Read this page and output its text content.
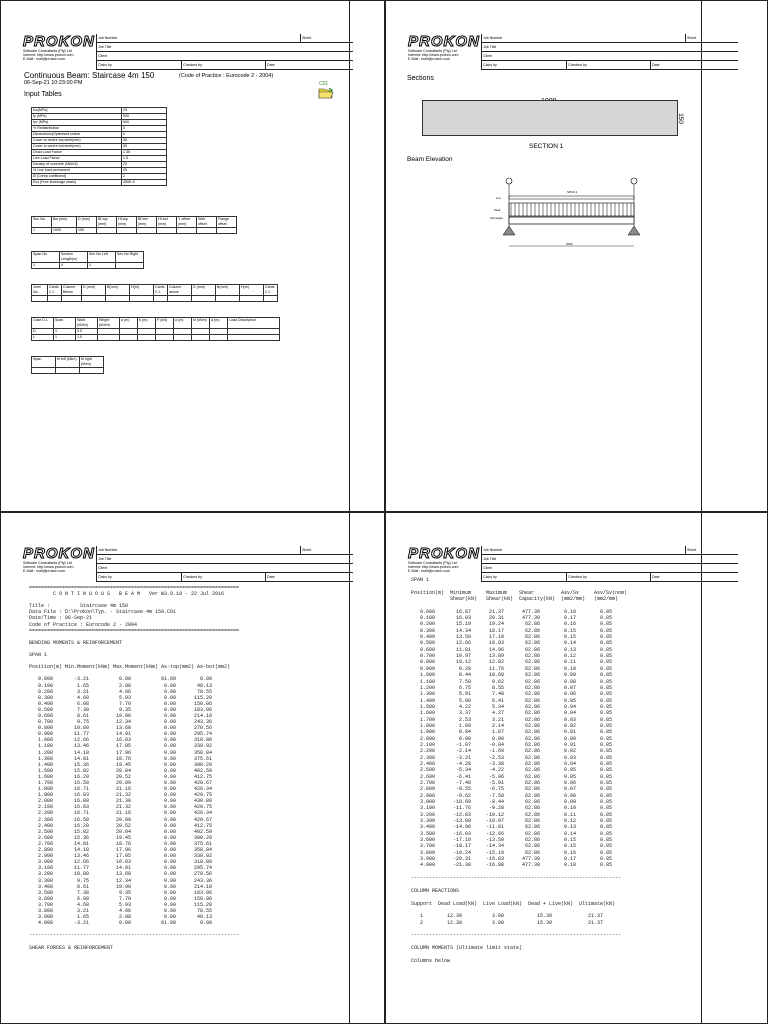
PROKON
Software Consultants (Pty) Ltd
Internet: http://www.prokon.com
E-Mail : mail@prokon.com
Job Number	Sheet
Job Title
Client
Calcs by	Checked by	Date
Continuous Beam: Staircase 4m 150	(Code of Practice : Eurocode 2 - 2004)
06-Sep-21 10:23:00 PM
Input Tables
C01
fcu(MPa)	25
fy (MPa)	500
fyv (MPa)	500
% Redistribution	0
Dimensions(Optimised redistr.	0
Cover to centre top steel(mm)	35
Cover to centre bot steel(mm)	35
Dead Load Factor	1.35
Live Load Factor	1.5
Density of concrete (kN/m3)	25
% Live load permanent	25
Ø (Creep coefficient)	2
Ecs (Free shrinkage strain)	350E-6
Sec No.	Bw (mm)	D (mm)	Bf-top (mm)	Hf-top (mm)	Bf-bot (mm)	Hf-bot (mm)	Y offset (mm)	Web offset	Flange offset
1	1000	150							
Span No	Section Length(m)	Sec No Left	Sec No Right
1	4	1	
Joint No.	Cante. C.f.	Column Below	D (mm)	B(mm)	H(m)	Cante. C.f.	Column above	D (mm)	B(mm)	H(m)	Cante. C.f.

Case D.L	Span	Wa/b (kN/m)	Wright (kN/m)	a (m)	b (m)	P (kN)	a (m)	M (kNm)	a (m)	Load Description
D	1	3.5								
L	1	1.5								
Span	M left (kNm)	M right (kNm)

PROKON
Software Consultants (Pty) Ltd
Internet: http://www.prokon.com
E-Mail : mail@prokon.com
Job Number	Sheet
Job Title
Client
Calcs by	Checked by	Date
Sections
150
SECTION 1
Beam Elevation
SPAN 1
4000
Live
Dead
Self-weight
PROKON
Software Consultants (Pty) Ltd
Internet: http://www.prokon.com
E-Mail : mail@prokon.com
Job Number	Sheet
Job Title
Client
Calcs by	Checked by	Date
======================================================================
C O N T I N U O U S   B E A M   Ver W3.0.10 - 22 Jul 2016

Title :          Staircase 4m 150
Data File : D:\Prokon\Typ. - Staircase 4m 150.C01
Date/Time : 06-Sep-21
Code of Practice : Eurocode 2 - 2004
======================================================================

BENDING MOMENTS & REINFORCEMENT

SPAN 1

Position(m) Min.Moment(kNm) Max.Moment(kNm) As-top(mm2) As-bot(mm2)

0.000       -3.21          0.00          61.89        0.00
0.100        1.65          2.08           0.00       40.13
0.200        3.21          4.06           0.00       78.55
0.300        4.68          5.93           0.00      115.20
0.400        6.08          7.70           0.00      150.06
0.500        7.38          9.35           0.00      183.06
0.600        8.61         10.90           0.00      214.18
0.700        9.75         12.34           0.00      243.36
0.800       10.80         13.68           0.00      270.56
0.900       11.77         14.91           0.00      295.74
1.000       12.66         16.03           0.00      318.88
1.100       13.46         17.05           0.00      339.92
1.200       14.18         17.96           0.00      358.84
1.300       14.81         18.76           0.00      375.61
1.400       15.36         19.45           0.00      390.20
1.500       15.82         20.04           0.00      402.59
1.600       16.20         20.52           0.00      412.75
1.700       16.50         20.89           0.00      420.67
1.800       16.71         21.16           0.00      426.34
1.900       16.83         21.32           0.00      429.75
2.000       16.88         21.38           0.00      430.89
2.100       16.83         21.32           0.00      429.75
2.200       16.71         21.16           0.00      426.34
2.300       16.50         20.89           0.00      420.67
2.400       16.20         20.52           0.00      412.75
2.500       15.82         20.04           0.00      402.59
2.600       15.36         19.45           0.00      390.20
2.700       14.81         18.76           0.00      375.61
2.800       14.18         17.96           0.00      358.84
2.900       13.46         17.05           0.00      339.92
3.000       12.66         16.03           0.00      318.88
3.100       11.77         14.91           0.00      295.74
3.200       10.80         13.68           0.00      270.56
3.300        9.75         12.34           0.00      243.36
3.400        8.61         10.90           0.00      214.18
3.500        7.38          9.35           0.00      183.06
3.600        6.08          7.70           0.00      150.06
3.700        4.68          5.93           0.00      115.20
3.800        3.21          4.06           0.00       78.55
3.900        1.65          2.08           0.00       40.13
4.000       -3.21          0.00          61.89        0.00

----------------------------------------------------------------------

SHEAR FORCES & REINFORCEMENT
PROKON
Software Consultants (Pty) Ltd
Internet: http://www.prokon.com
E-Mail : mail@prokon.com
Job Number	Sheet
Job Title
Client
Calcs by	Checked by	Date
SPAN 1

Position(m)  Minimum     Maximum    Shear         Asv/Sv     Asv/Sv(nom)
Shear(kN)   Shear(kN)  Capacity(kN)  (mm2/mm)   (mm2/mm)

0.000       16.87      21.37      477.39        0.18        0.85
0.100       16.03      20.31      477.39        0.17        0.85
0.200       15.19      19.24       62.86        0.16        0.85
0.300       14.34      18.17       62.86        0.15        0.85
0.400       13.50      17.10       62.86        0.15        0.85
0.500       12.66      16.03       62.86        0.14        0.85
0.600       11.81      14.96       62.86        0.13        0.85
0.700       10.97      13.89       62.86        0.12        0.85
0.800       10.12      12.82       62.86        0.11        0.85
0.900        9.28      11.76       62.86        0.10        0.85
1.000        8.44      10.69       62.86        0.09        0.85
1.100        7.59       9.62       62.86        0.08        0.85
1.200        6.75       8.55       62.86        0.07        0.85
1.300        5.91       7.48       62.86        0.06        0.85
1.400        5.06       6.41       62.86        0.05        0.85
1.500        4.22       5.34       62.86        0.04        0.85
1.600        3.37       4.27       62.86        0.04        0.85
1.700        2.53       3.21       62.86        0.03        0.85
1.800        1.69       2.14       62.86        0.02        0.85
1.900        0.84       1.07       62.86        0.01        0.85
2.000        0.00       0.00       62.86        0.00        0.85
2.100       -1.07      -0.84       62.86        0.01        0.85
2.200       -2.14      -1.69       62.86        0.02        0.85
2.300       -3.21      -2.53       62.86        0.03        0.85
2.400       -4.28      -3.38       62.86        0.04        0.85
2.500       -5.34      -4.22       62.86        0.05        0.85
2.600       -6.41      -5.06       62.86        0.05        0.85
2.700       -7.48      -5.91       62.86        0.06        0.85
2.800       -8.55      -6.75       62.86        0.07        0.85
2.900       -9.62      -7.59       62.86        0.08        0.85
3.000      -10.69      -8.44       62.86        0.09        0.85
3.100      -11.76      -9.28       62.86        0.10        0.85
3.200      -12.83     -10.12       62.86        0.11        0.85
3.300      -13.89     -10.97       62.86        0.12        0.85
3.400      -14.96     -11.81       62.86        0.13        0.85
3.500      -16.03     -12.66       62.86        0.14        0.85
3.600      -17.10     -13.50       62.86        0.15        0.85
3.700      -18.17     -14.34       62.86        0.15        0.85
3.800      -19.24     -15.19       62.86        0.16        0.85
3.900      -20.31     -16.03      477.39        0.17        0.85
4.000      -21.38     -16.88      477.39        0.18        0.85

----------------------------------------------------------------------

COLUMN REACTIONS

Support  Dead Load(kN)  Live Load(kN)  Dead + Live(kN)  Ultimate(kN)

1        12.30          3.00           15.30            21.37
2        12.30          3.00           15.30            21.37

----------------------------------------------------------------------

COLUMN MOMENTS (Ultimate limit state)

Columns below
